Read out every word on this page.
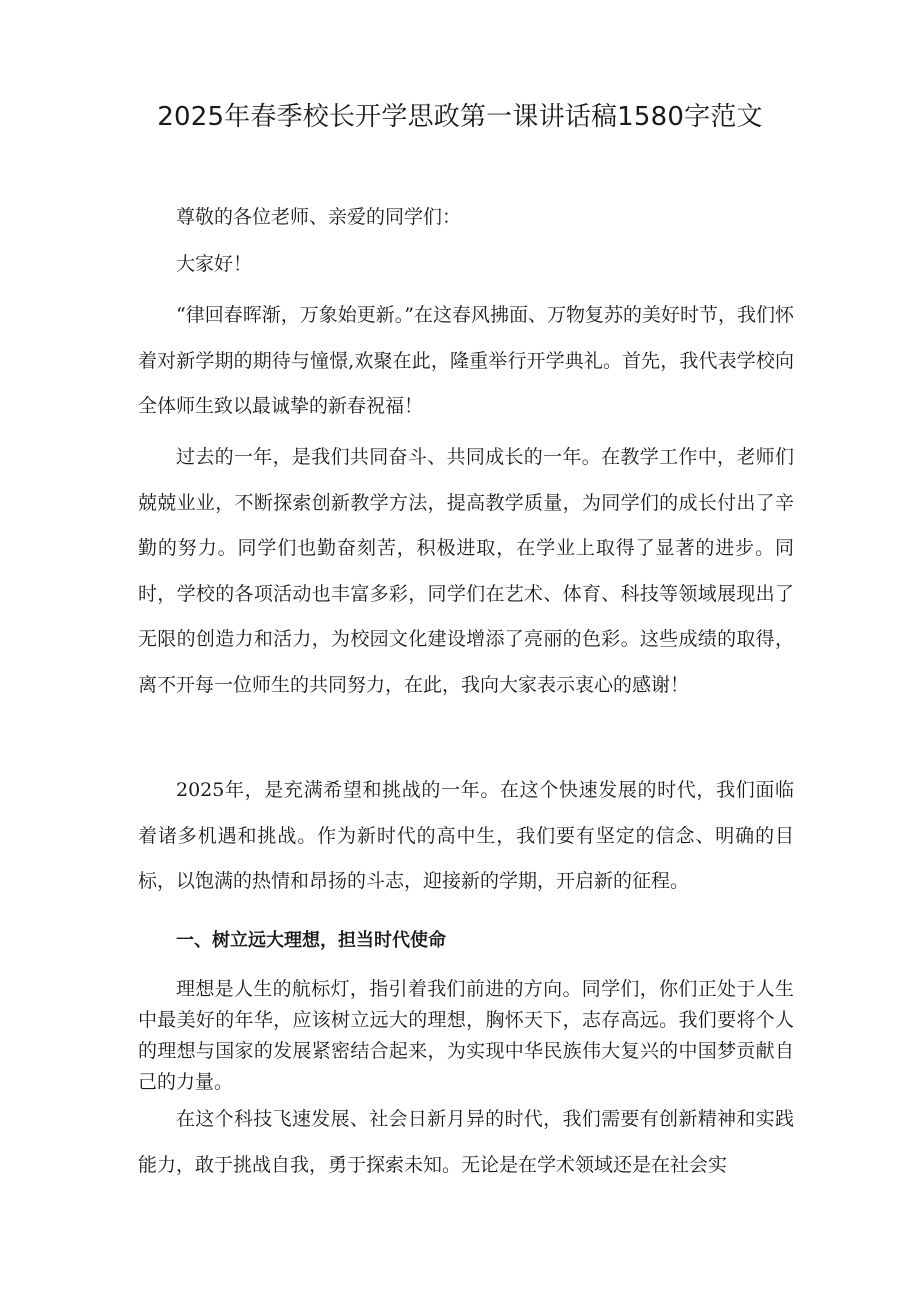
2025年春季校长开学思政第一课讲话稿1580字范文

尊敬的各位老师、亲爱的同学们：

大家好！

“律回春晖渐，万象始更新。”在这春风拂面、万物复苏的美好时节，我们怀着对新学期的期待与憧憬,欢聚在此，隆重举行开学典礼。首先，我代表学校向全体师生致以最诚挚的新春祝福！

过去的一年，是我们共同奋斗、共同成长的一年。在教学工作中，老师们兢兢业业，不断探索创新教学方法，提高教学质量，为同学们的成长付出了辛勤的努力。同学们也勤奋刻苦，积极进取，在学业上取得了显著的进步。同时，学校的各项活动也丰富多彩，同学们在艺术、体育、科技等领域展现出了无限的创造力和活力，为校园文化建设增添了亮丽的色彩。这些成绩的取得，离不开每一位师生的共同努力，在此，我向大家表示衷心的感谢！

2025年，是充满希望和挑战的一年。在这个快速发展的时代，我们面临着诸多机遇和挑战。作为新时代的高中生，我们要有坚定的信念、明确的目标，以饱满的热情和昂扬的斗志，迎接新的学期，开启新的征程。

一、树立远大理想，担当时代使命

理想是人生的航标灯，指引着我们前进的方向。同学们，你们正处于人生中最美好的年华，应该树立远大的理想，胸怀天下，志存高远。我们要将个人的理想与国家的发展紧密结合起来，为实现中华民族伟大复兴的中国梦贡献自己的力量。

在这个科技飞速发展、社会日新月异的时代，我们需要有创新精神和实践能力，敢于挑战自我，勇于探索未知。无论是在学术领域还是在社会实
